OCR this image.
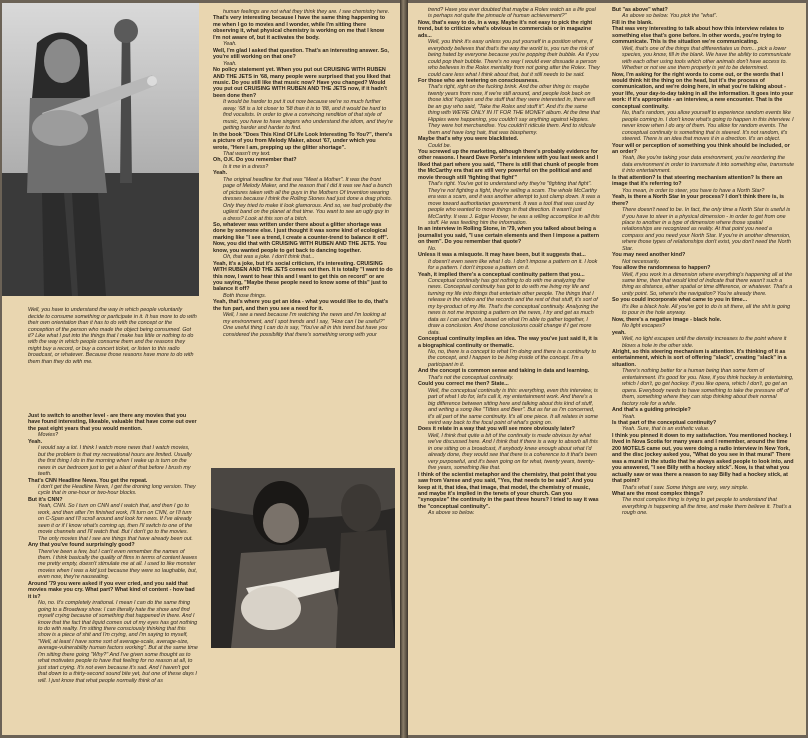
Well, you have to understand the way in which people voluntarily decide to consume something or participate in it. It has more to do with their own orientation than it has to do with the concept or the conception of the person who made the object being consumed. Got it? Like what I put into the things that I make has little or nothing to do with the way in which people consume them and the reasons they might buy a record, or buy a concert ticket, or listen to this radio broadcast, or whatever. Because those reasons have more to do with them than they do with me.

Just to switch to another level - are there any movies that you have found interesting, likeable, valuable that have come out over the past eight years that you would mention.

Movies?

Yeah.

I would say a lot. I think I watch more news that I watch movies, but the problem is that my recreational hours are limited. Usually the first thing I do in the morning when I wake up is turn on the news in our bedroom just to get a blast of that before I brush my teeth.

That's CNN Headline News. You get the repeat.

I don't get the Headline News, I get the droning long version. They cycle that in one-hour or two-hour blocks.

But it's CNN?

Yeah, CNN. So I turn on CNN and I watch that, and then I go to work, and then after I'm finished work, I'll turn on CNN, or I'll turn on C-Span and I'll scroll around and look for news. If I've already seen it or if I know what's coming up, then I'll switch to one of the movie channels and I'll watch that. But I don't go to the movies. The only movies that I see are things that have already been out.

Any that you've found surprisingly good?

There've been a few, but I can't even remember the names of them. I think basically the quality of films in terms of content leaves me pretty empty, doesn't stimulate me at all. I used to like monster movies when I was a kid just because they were so laughable, but, even now, they're nauseating.

Around '79 you were asked if you ever cried, and you said that movies make you cry. What part? What kind of content - how bad it is?

No, no. It's completely irrational. I mean I can do the same thing going to a Broadway show. I can literally hate the show and find myself crying because of something that happened in there. And I know that the fact that liquid comes out of my eyes has got nothing to do with reality. I'm sitting there consciously thinking that this show is a piece of shit and I'm crying, and I'm saying to myself, "Well, at least I have some sort of average-scale, average-size, average-vulnerability human factors working". But at the same time I'm sitting there going "Why?" And I've given some thought as to what motivates people to have that feeling for no reason at all, to just start crying. It's not even because it's sad. And I haven't got that down to a thirty-second sound bite yet, but one of these days I will. I just know that what people normally think of as

human feelings are not what they think they are. I see chemistry here.

That's very interesting because I have the same thing happening to me when I go to movies and I wonder, while I'm sitting there observing it, what physical chemistry is working on me that I know I'm not aware of, but it activates the body.

Yeah.

Well, I'm glad I asked that question. That's an interesting answer. So, you're still working on that one?

Yeah.

No policy statement yet. When you put out CRUISING WITH RUBEN AND THE JETS in '68, many people were surprised that you liked that music. Do you still like that music now? Have you changed? Would you put out CRUISING WITH RUBEN AND THE JETS now, if it hadn't been done then?

It would be harder to put it out now because we're so much further away. '68 is a lot closer to '58 than it is to '88, and it would be hard to find vocalists. In order to give a convincing rendition of that style of music, you have to have singers who understand the idiom, and they're getting harder and harder to find.

In the book "Does This Kind Of Life Look Interesting To You?", there's a picture of you from Melody Maker, about '67, under which you wrote, "Here I am, prepping up the glitter shortage".

That wasn't my text.

Oh, O.K. Do you remember that?

Is it me in a dress?

Yeah.

The original headline for that was "Meet a Mother". It was the front page of Melody Maker, and the reason that I did it was we had a bunch of pictures taken with all the guys in the Mothers Of Invention wearing dresses because I think the Rolling Stones had just done a drag photo. Only they tried to make it look glamorous. And so, we had probably the ugliest band on the planet at that time. You want to see an ugly guy in a dress? Look at this son of a bitch.

So, whatever was written under there about a glitter shortage was done by someone else. I just thought it was some kind of ecological marking like "I see a trend, I create a counter-trend to balance it off". Now, you did that with CRUISING WITH RUBEN AND THE JETS. You know, you wanted people to get back to dancing together.

Oh, that was a joke. I don't think that...

Yeah, it's a joke, but it's social criticism, it's interesting. CRUISING WITH RUBEN AND THE JETS comes out then. It is totally "I want to do this now, I want to hear this and I want to get this on record" or are you saying, "Maybe these people need to know some of this" just to balance it off?

Both those things.

Yeah, that's where you get an idea - what you would like to do, that's the fun part, and then you see a need for it.

Well, I see a need because I'm watching the news and I'm looking at my environment, and I spot trends and I say, "How can I be useful?" One useful thing I can do is say, "You've all in this trend but have you considered the possibility that there's something wrong with your

trend? Have you ever doubted that maybe a Rolex watch as a life goal is perhaps not quite the pinnacle of human achievement?"

Now, that's easy to do, in a way. Maybe it's not easy to pick the right trend, but to criticize what's obvious in commercials or in magazine ads...

Well, you think it's easy unless you put yourself in a position where, if everybody believes that that's the way the world is, you run the risk of being hated by everyone because you're popping their bubble. As if you could pop their bubble. There's no way I would ever dissuade a person who believes in the Rolex mentality from not going after the Rolex. They could care less what I think about that, but it still needs to be said.

For those who are teetering on consciousness.

That's right, right on the fucking brink. And the other thing is: maybe twenty years from now, if we're still around, and people look back on those idiot Yuppies and the stuff that they were interested in, there will be an guy who said, "Take the Rolex and stuff it". And it's the same thing with WE'RE ONLY IN IT FOR THE MONEY album. At the time that Hippies were happening, you couldn't say anything against Hippies. They were hot merchandise. You couldn't ridicule them. And to ridicule them and have long hair, that was blasphemy.

Maybe that's why you were blacklisted.

Could be.

You screwed up the marketing, although there's probably evidence for other reasons. I heard Dave Porter's interview with you last week and I liked that part where you said, "There is still that chunk of people from the McCarthy era that are still very powerful on the political and and movie through still 'fighting that fight'"

That's right. You've got to understand why they're "fighting that fight". They're not fighting a fight, they're selling a scam. The whole McCarthy era was a scam, and it was another attempt to just clamp down. It was a move toward authoritarian government. It was a tool that was used by people who wanted to move things in that direction. It wasn't just McCarthy. It was J. Edgar Hoover, he was a willing accomplice in all this stuff. He was feeding him the information.

In an interview in Rolling Stone, in '79, when you talked about being a journalist you said, "I use certain elements and then I impose a pattern on them". Do you remember that quote?

No.

Unless it was a misquote. It may have been, but it suggests that...

It doesn't even seem like what I do. I don't impose a pattern on it. I look for a pattern. I don't impose a pattern on it.

Yeah, it implied there's a conceptual continuity pattern that you...

Conceptual continuity has got nothing to do with me analyzing the news. Conceptual continuity has got to do with me living my life and turning my life into things that entertain other people. The things that I release in the video and the records and the rest of that stuff, it's sort of my by-product of my life. That's the conceptual continuity. Analyzing the news is not me imposing a pattern on the news, I try and get as much data as I can and then, based on what I'm able to gather together, I draw a conclusion. And those conclusions could change if I get more data.

Conceptual continuity implies an idea. The way you've just said it, it is a biographical continuity or thematic.

No, no, there is a concept to what I'm doing and there is a continuity to the concept, and I happen to be living inside of the concept. I'm a participant in it.

And the concept is common sense and taking in data and learning.

That's not the conceptual continuity.

Could you correct me then? State...

Well, the conceptual continuity is this: everything, even this interview, is part of what I do for, let's call it, my entertainment work. And there's a big difference between sitting here and talking about this kind of stuff, and writing a song like "Titties and Beer". But as far as I'm concerned, it's all part of the same continuity. It's all one piece. It all relates in some weird way back to the focal point of what's going on.

Does it relate in a way that you will see more obviously later?

Well, I think that quite a bit of the continuity is made obvious by what we've discussed here. And I think that if there is a way to absorb all this in one sitting on a broadcast, if anybody knew enough about what I'd already done, they would see that there is a coherence to it that's been very purposeful, and it's been going on for what, twenty years, twenty-five years, something like that.

I think of the scientist metaphor and the chemistry, that point that you saw from Varese and you said, "Yes, that needs to be said". And you keep at it, that idea, that image, that model, the chemistry of music, and maybe it's implied in the tenets of your church. Can you "synopsize" the continuity in the past three hours? I tried to say it was the "conceptual continuity".

As above so below.

But "as above" what?

As above so below. You pick the "what".

Fill in the blank.

That was very interesting to talk about how this interview relates to something else that's gone before. In other words, you're trying to communicate. This is the situation we're communicating.

Well, that's one of the things that differentiates us from... pick a lower species, you know, fill in the blank. We have the ability to communicate with each other using tools which other animals don't have access to. Whether or not we use them properly is yet to be determined.

Now, I'm asking for the right words to come out, or the words that I would think hit the thing on the head, but it's the process of communication, and we're doing here, in what you're talking about - your life, your day-to-day taking in all the information. It goes into your work: if it's appropriate - an interview, a new encounter. That is the conceptual continuity.

No, that's random, you allow yourself to experience random events like people coming in. I don't know what's going to happen in this interview. I never know when I do any of them. You allow for random events. The conceptual continuity is something that is steered. It's not random, it's steered. There is an idea that moves it in a direction. It's an object.

Your will or perception of something you think should be included, or an order?

Yeah, like you're taking your data environment, you're reordering the data environment in order to transmute it into something else, transmute it into entertainment.

Is that attention? Is that steering mechanism attention? Is there an image that it's referring to?

You mean, in order to steer, you have to have a North Star?

Yeah, is there a North Star in your process? I don't think there is, is there?

There doesn't need to be. In fact, the only time a North Star is useful is if you have to steer in a physical dimension - in order to get from one place to another in a type of dimension where those spatial relationships are recognized as reality. At that point you need a compass and you need your North Star. If you're in another dimension, where those types of relationships don't exist, you don't need the North Star.

You may need another kind?

Not necessarily.

You allow the randomness to happen?

Well, if you work in a dimension where everything's happening all at the same time, then that would kind of indicate that there wasn't such a thing as distance, either spatial or time difference, or whatever. That's a unity point. So, where's the navigation? You're already there.

So you could incorporate what came to you in time...

It's like a black hole. All you've got to do is sit there, all the shit is going to pour in the hole anyway.

Now, there's a negative image - black hole.

No light escapes?

yeah.

Well, no light escapes until the density increases to the point where it blows a hole in the other side.

Alright, so this steering mechanism is attention. It's thinking of it as entertainment, which is sort of offering "slack", creating "slack" in a situation.

There's nothing better for a human being than some form of entertainment. It's good for you. Now, if you think hockey is entertaining, which I don't, go get hockey. If you like opera, which I don't, go get an opera. Everybody needs to have something to take the pressure off of them, something where they can stop thinking about their normal factory role for a while.

And that's a guiding principle?

Yeah.

Is that part of the conceptual continuity?

Yeah. Sure, that is an esthetic value.

I think you pinned it down to my satisfaction. You mentioned hockey. I lived in Nova Scotia for many years and I remember, around the time 200 MOTELS came out, you were doing a radio interview in New York, and the disc jockey asked you, "What do you see in that mural" There was a mural in the studio that he always asked people to look into, and you answered, "I see Billy with a hockey stick". Now, is that what you actually saw or was there a reason to say Billy had a hockey stick, at that point?

That's what I saw. Some things are very, very simple.

What are the most complex things?

The most complex thing is trying to get people to understand that everything is happening all the time, and make them believe it. That's a rough one.
